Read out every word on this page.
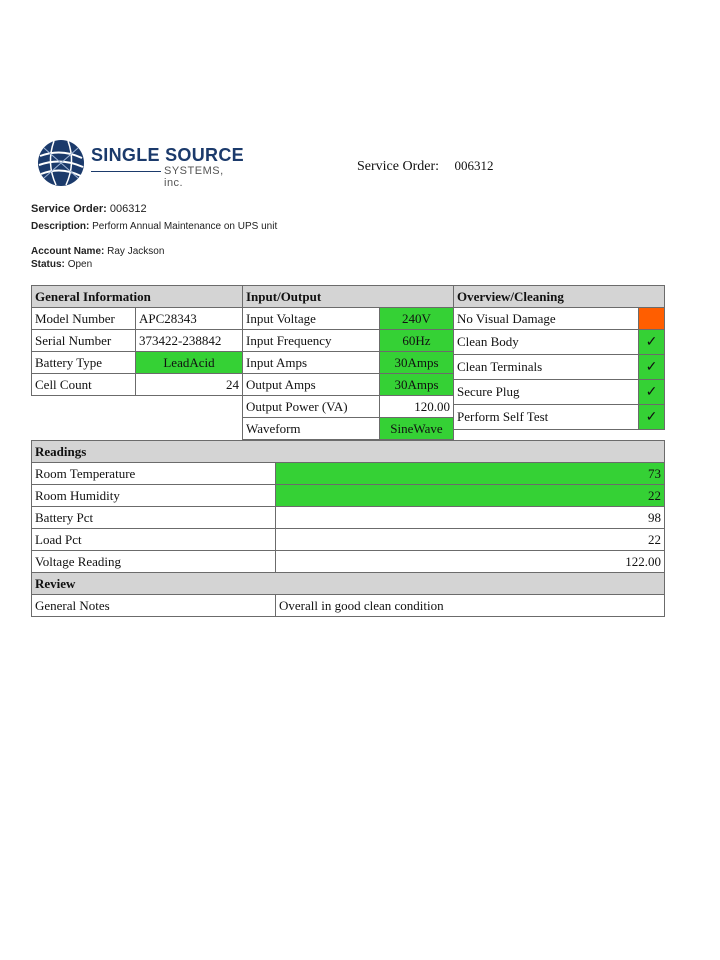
SINGLE SOURCE
SYSTEMS, inc.
Service Order: 006312
Service Order: 006312
Description: Perform Annual Maintenance on UPS unit
Account Name: Ray Jackson
Status: Open
General Information	
Model Number	APC28343
Serial Number	373422-238842
Battery Type	LeadAcid
Cell Count	24
Input/Output	
Input Voltage	240V
Input Frequency	60Hz
Input Amps	30Amps
Output Amps	30Amps
Output Power (VA)	120.00
Waveform	SineWave
Overview/Cleaning	
No Visual Damage	
Clean Body	✓
Clean Terminals	✓
Secure Plug	✓
Perform Self Test	✓
Readings	
Room Temperature	73
Room Humidity	22
Battery Pct	98
Load Pct	22
Voltage Reading	122.00
Review	
General Notes	Overall in good clean condition
